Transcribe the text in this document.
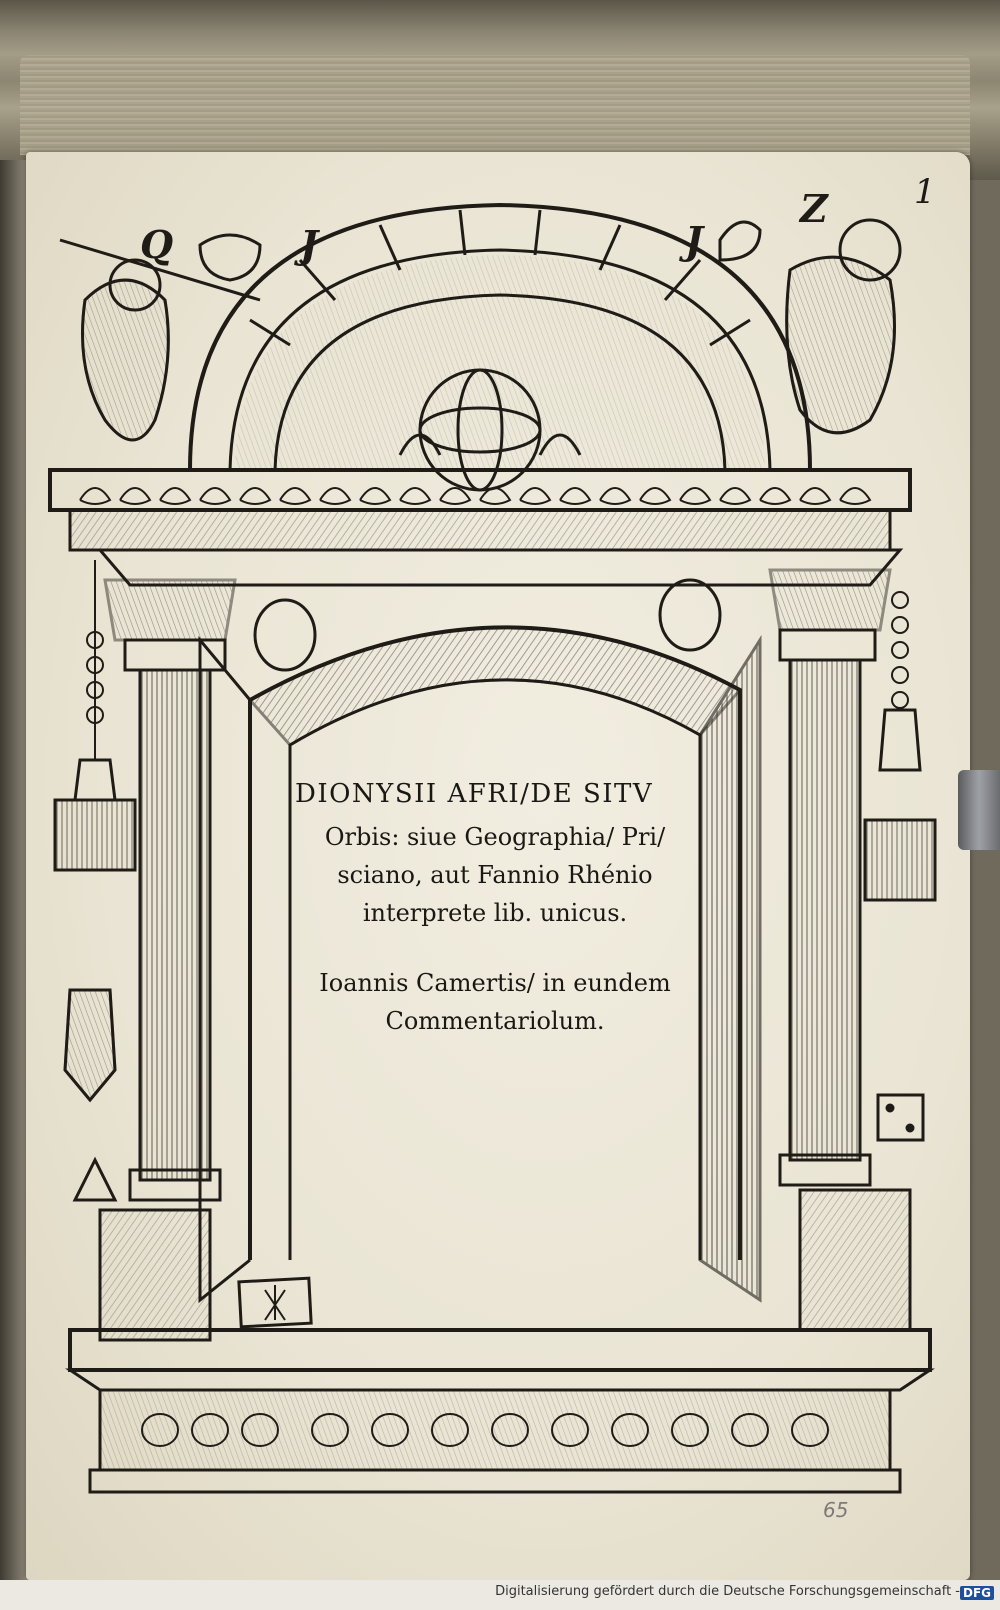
Q	J	J
Z	1
DIONYSII AFRI/DE SITV
Orbis: siue Geographia/ Pri/
sciano, aut Fannio Rhénio
interprete lib. unicus.
Ioannis Camertis/ in eundem
Commentariolum.
65
Digitalisierung gefördert durch die Deutsche Forschungsgemeinschaft - DFG
